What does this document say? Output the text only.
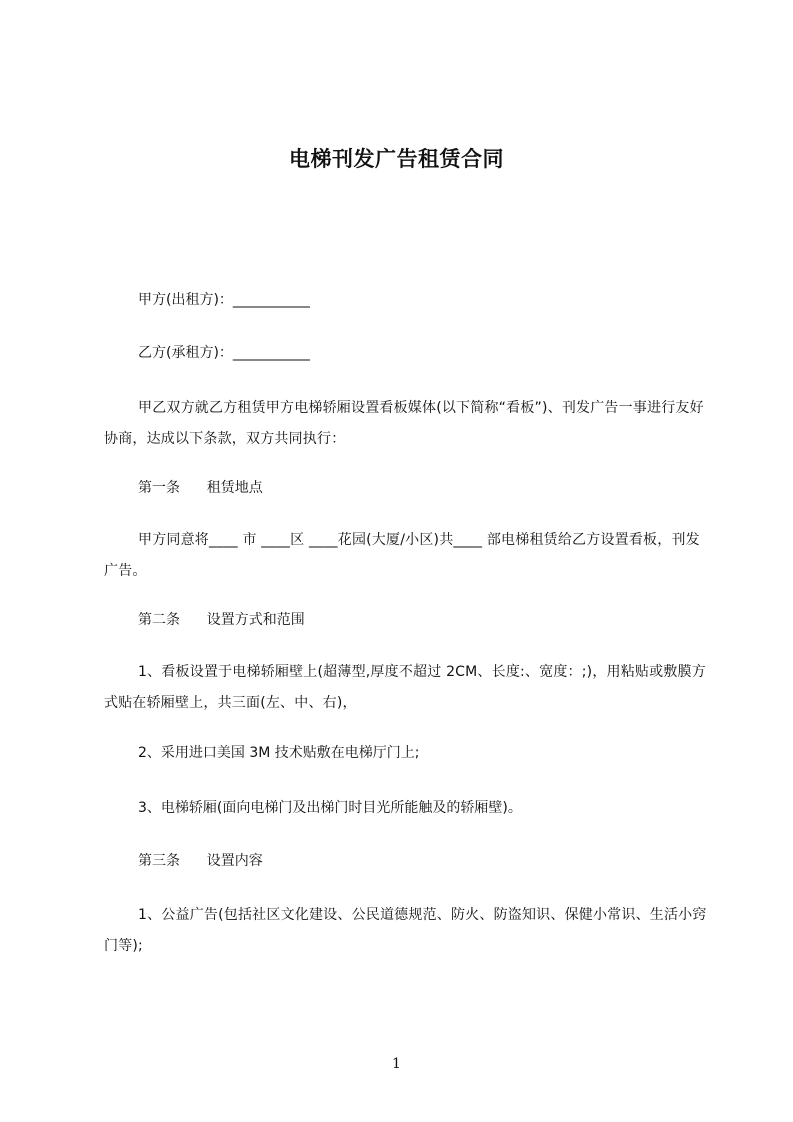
电梯刊发广告租赁合同
甲方(出租方)：___________
乙方(承租方)：___________
甲乙双方就乙方租赁甲方电梯轿厢设置看板媒体(以下简称“看板”)、刊发广告一事进行友好协商，达成以下条款，双方共同执行：
第一条      租赁地点
甲方同意将____ 市 ____区 ____花园(大厦/小区)共____ 部电梯租赁给乙方设置看板，刊发广告。
第二条      设置方式和范围
1、看板设置于电梯轿厢壁上(超薄型,厚度不超过 2CM、长度:、宽度：;)，用粘贴或敷膜方式贴在轿厢壁上，共三面(左、中、右)，
2、采用进口美国 3M 技术贴敷在电梯厅门上;
3、电梯轿厢(面向电梯门及出梯门时目光所能触及的轿厢壁)。
第三条      设置内容
1、公益广告(包括社区文化建设、公民道德规范、防火、防盗知识、保健小常识、生活小窍门等);
1
